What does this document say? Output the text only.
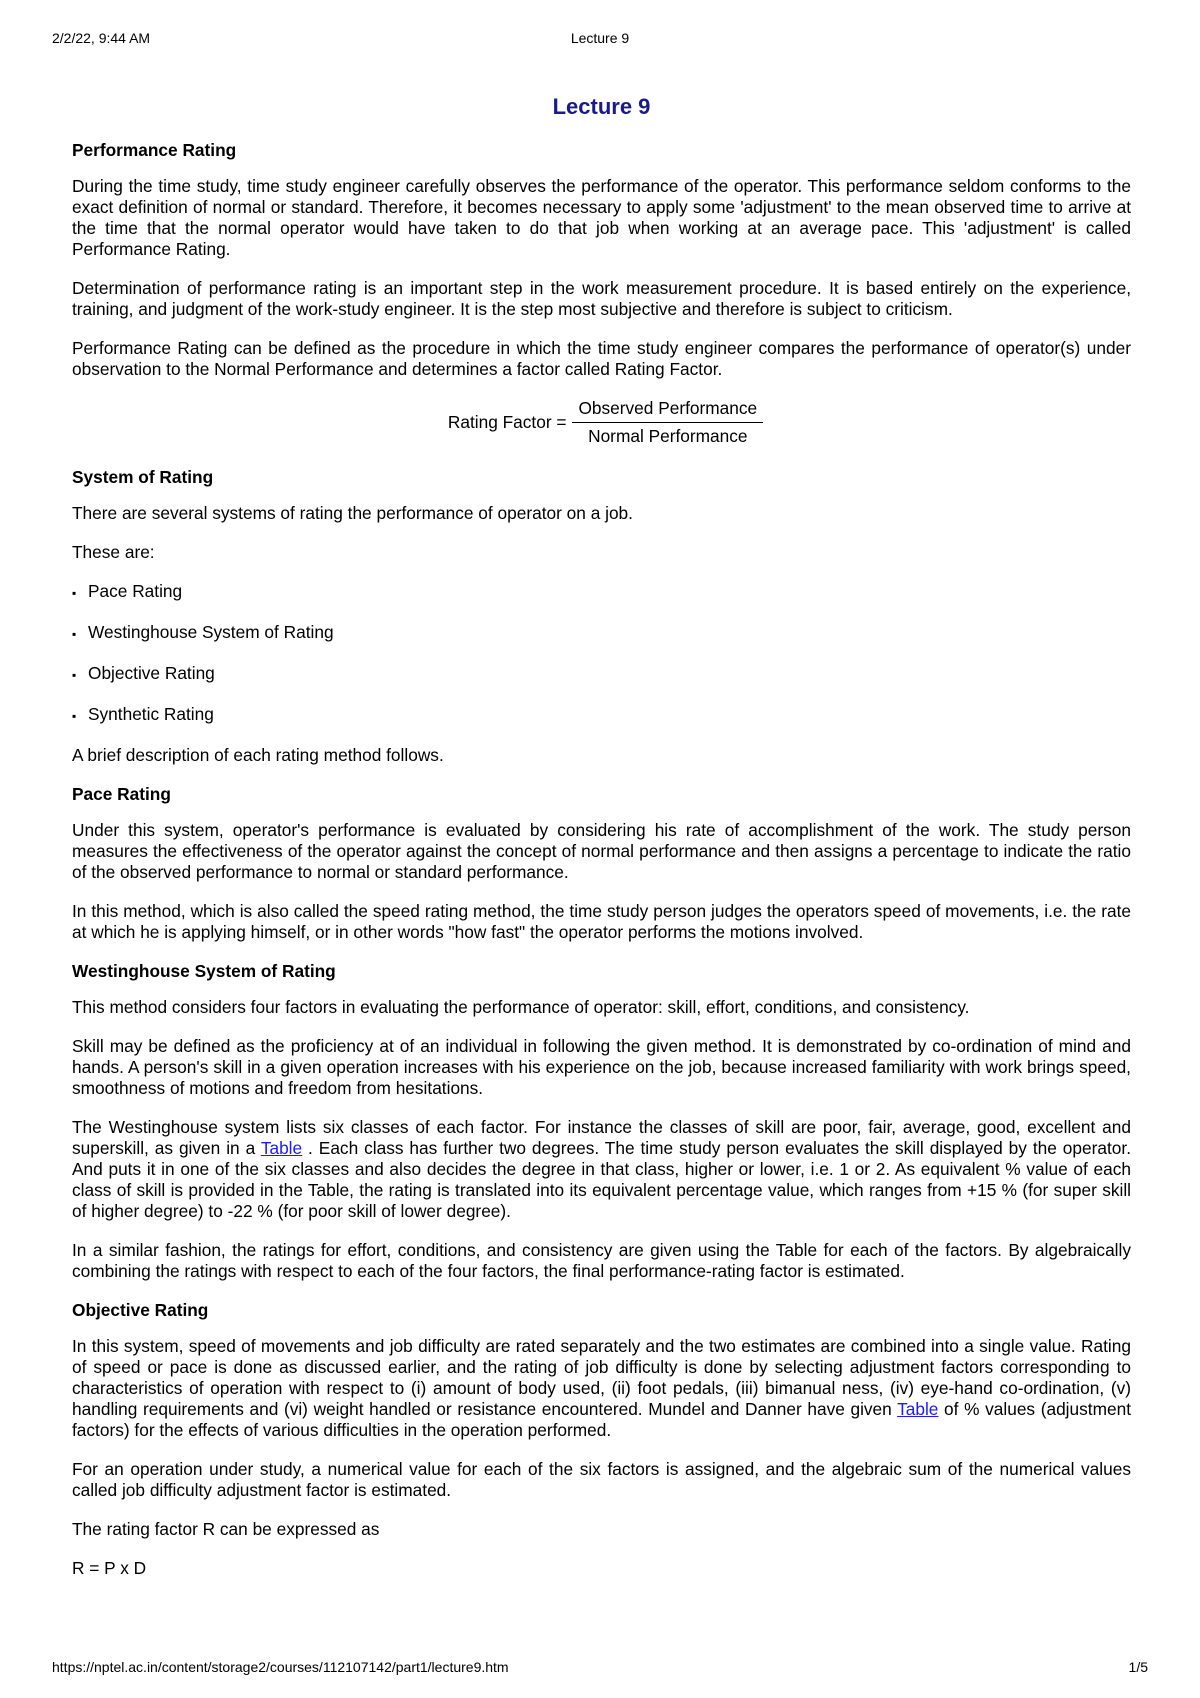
2/2/22, 9:44 AM	Lecture 9
Lecture 9
Performance Rating

During the time study, time study engineer carefully observes the performance of the operator. This performance seldom conforms to the exact definition of normal or standard. Therefore, it becomes necessary to apply some 'adjustment' to the mean observed time to arrive at the time that the normal operator would have taken to do that job when working at an average pace. This 'adjustment' is called Performance Rating.

Determination of performance rating is an important step in the work measurement procedure. It is based entirely on the experience, training, and judgment of the work-study engineer. It is the step most subjective and therefore is subject to criticism.

Performance Rating can be defined as the procedure in which the time study engineer compares the performance of operator(s) under observation to the Normal Performance and determines a factor called Rating Factor.

Rating Factor = $\frac{\text{Observed Performance}}{\text{Normal Performance}}$
System of Rating

There are several systems of rating the performance of operator on a job.

These are:

▪ Pace Rating
▪ Westinghouse System of Rating
▪ Objective Rating
▪ Synthetic Rating

A brief description of each rating method follows.

Pace Rating

Under this system, operator's performance is evaluated by considering his rate of accomplishment of the work. The study person measures the effectiveness of the operator against the concept of normal performance and then assigns a percentage to indicate the ratio of the observed performance to normal or standard performance.

In this method, which is also called the speed rating method, the time study person judges the operators speed of movements, i.e. the rate at which he is applying himself, or in other words "how fast" the operator performs the motions involved.

Westinghouse System of Rating

This method considers four factors in evaluating the performance of operator: skill, effort, conditions, and consistency.

Skill may be defined as the proficiency at of an individual in following the given method. It is demonstrated by co-ordination of mind and hands. A person's skill in a given operation increases with his experience on the job, because increased familiarity with work brings speed, smoothness of motions and freedom from hesitations.

The Westinghouse system lists six classes of each factor. For instance the classes of skill are poor, fair, average, good, excellent and superskill, as given in a Table . Each class has further two degrees. The time study person evaluates the skill displayed by the operator. And puts it in one of the six classes and also decides the degree in that class, higher or lower, i.e. 1 or 2. As equivalent % value of each class of skill is provided in the Table, the rating is translated into its equivalent percentage value, which ranges from +15 % (for super skill of higher degree) to -22 % (for poor skill of lower degree).

In a similar fashion, the ratings for effort, conditions, and consistency are given using the Table for each of the factors. By algebraically combining the ratings with respect to each of the four factors, the final performance-rating factor is estimated.

Objective Rating

In this system, speed of movements and job difficulty are rated separately and the two estimates are combined into a single value. Rating of speed or pace is done as discussed earlier, and the rating of job difficulty is done by selecting adjustment factors corresponding to characteristics of operation with respect to (i) amount of body used, (ii) foot pedals, (iii) bimanual ness, (iv) eye-hand co-ordination, (v) handling requirements and (vi) weight handled or resistance encountered. Mundel and Danner have given Table of % values (adjustment factors) for the effects of various difficulties in the operation performed.

For an operation under study, a numerical value for each of the six factors is assigned, and the algebraic sum of the numerical values called job difficulty adjustment factor is estimated.

The rating factor R can be expressed as

R = P x D

https://nptel.ac.in/content/storage2/courses/112107142/part1/lecture9.htm	1/5
